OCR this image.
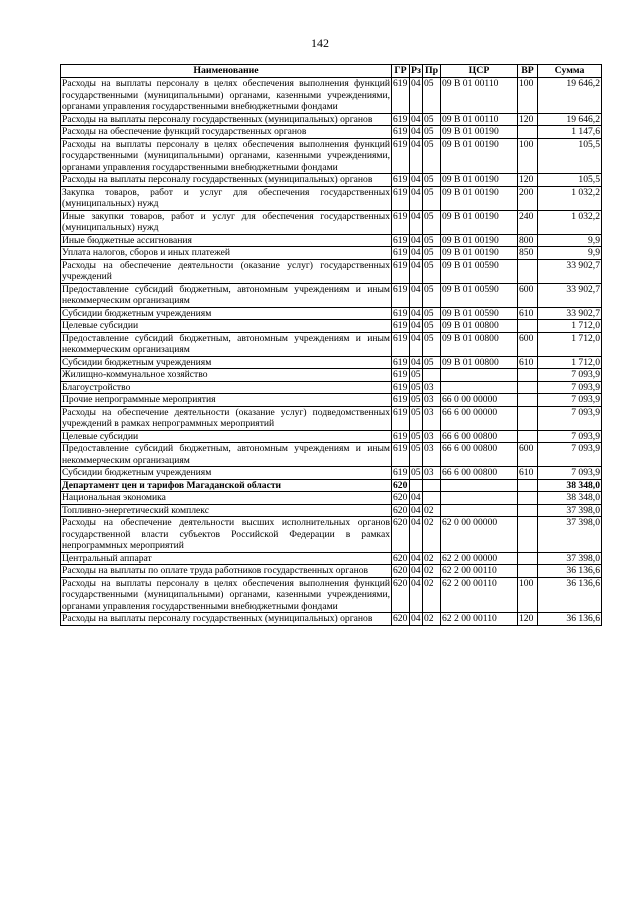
142
Наименование	ГР	Рз	Пр	ЦСР	ВР	Сумма
Расходы на выплаты персоналу в целях обеспечения выполнения функций государственными (муниципальными) органами, казенными учреждениями, органами управления государственными внебюджетными фондами	619	04	05	09 В 01 00110	100	19 646,2
Расходы на выплаты персоналу государственных (муниципальных) органов	619	04	05	09 В 01 00110	120	19 646,2
Расходы на обеспечение функций государственных органов	619	04	05	09 В 01 00190		1 147,6
Расходы на выплаты персоналу в целях обеспечения выполнения функций государственными (муниципальными) органами, казенными учреждениями, органами управления государственными внебюджетными фондами	619	04	05	09 В 01 00190	100	105,5
Расходы на выплаты персоналу государственных (муниципальных) органов	619	04	05	09 В 01 00190	120	105,5
Закупка товаров, работ и услуг для обеспечения государственных (муниципальных) нужд	619	04	05	09 В 01 00190	200	1 032,2
Иные закупки товаров, работ и услуг для обеспечения государственных (муниципальных) нужд	619	04	05	09 В 01 00190	240	1 032,2
Иные бюджетные ассигнования	619	04	05	09 В 01 00190	800	9,9
Уплата налогов, сборов и иных платежей	619	04	05	09 В 01 00190	850	9,9
Расходы на обеспечение деятельности (оказание услуг) государственных учреждений	619	04	05	09 В 01 00590		33 902,7
Предоставление субсидий бюджетным, автономным учреждениям и иным некоммерческим организациям	619	04	05	09 В 01 00590	600	33 902,7
Субсидии бюджетным учреждениям	619	04	05	09 В 01 00590	610	33 902,7
Целевые субсидии	619	04	05	09 В 01 00800		1 712,0
Предоставление субсидий бюджетным, автономным учреждениям и иным некоммерческим организациям	619	04	05	09 В 01 00800	600	1 712,0
Субсидии бюджетным учреждениям	619	04	05	09 В 01 00800	610	1 712,0
Жилищно-коммунальное хозяйство	619	05				7 093,9
Благоустройство	619	05	03			7 093,9
Прочие непрограммные мероприятия	619	05	03	66 0 00 00000		7 093,9
Расходы на обеспечение деятельности (оказание услуг) подведомственных учреждений в рамках непрограммных мероприятий	619	05	03	66 6 00 00000		7 093,9
Целевые субсидии	619	05	03	66 6 00 00800		7 093,9
Предоставление субсидий бюджетным, автономным учреждениям и иным некоммерческим организациям	619	05	03	66 6 00 00800	600	7 093,9
Субсидии бюджетным учреждениям	619	05	03	66 6 00 00800	610	7 093,9
Департамент цен и тарифов Магаданской области	620					38 348,0
Национальная экономика	620	04				38 348,0
Топливно-энергетический комплекс	620	04	02			37 398,0
Расходы на обеспечение деятельности высших исполнительных органов государственной власти субъектов Российской Федерации в рамках непрограммных мероприятий	620	04	02	62 0 00 00000		37 398,0
Центральный аппарат	620	04	02	62 2 00 00000		37 398,0
Расходы на выплаты по оплате труда работников государственных органов	620	04	02	62 2 00 00110		36 136,6
Расходы на выплаты персоналу в целях обеспечения выполнения функций государственными (муниципальными) органами, казенными учреждениями, органами управления государственными внебюджетными фондами	620	04	02	62 2 00 00110	100	36 136,6
Расходы на выплаты персоналу государственных (муниципальных) органов	620	04	02	62 2 00 00110	120	36 136,6
